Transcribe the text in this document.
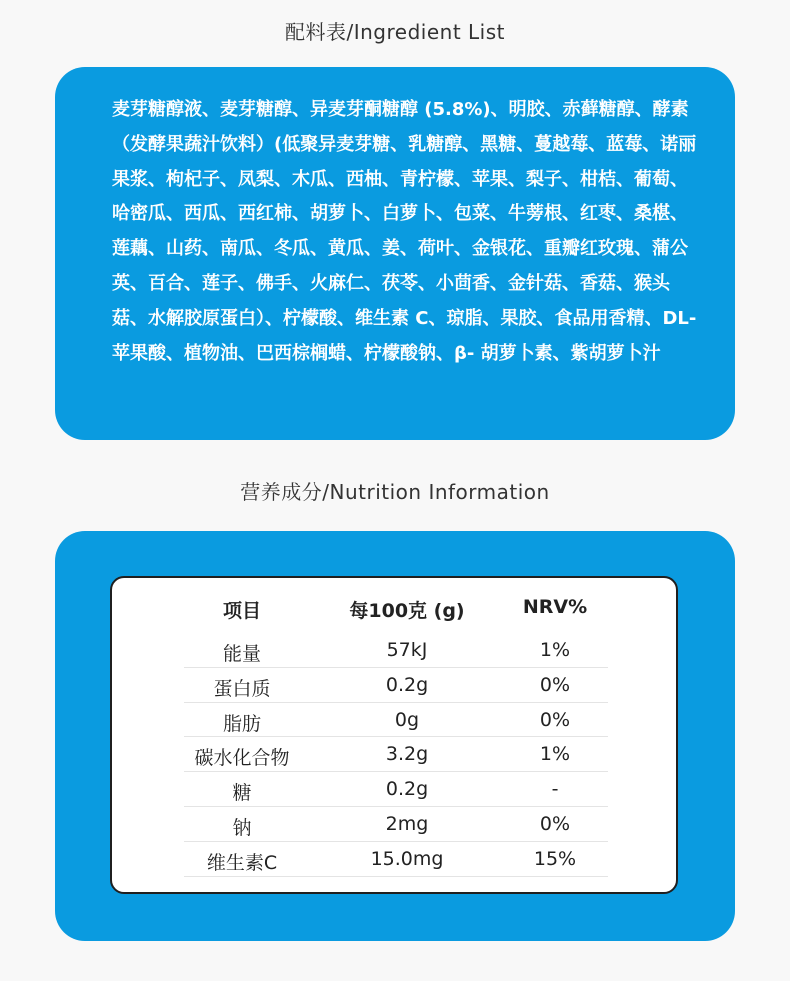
配料表/Ingredient List

麦芽糖醇液、麦芽糖醇、异麦芽酮糖醇 (5.8%)、明胶、赤藓糖醇、酵素（发酵果蔬汁饮料）(低聚异麦芽糖、乳糖醇、黑糖、蔓越莓、蓝莓、诺丽果浆、枸杞子、凤梨、木瓜、西柚、青柠檬、苹果、梨子、柑桔、葡萄、哈密瓜、西瓜、西红柿、胡萝卜、白萝卜、包菜、牛蒡根、红枣、桑椹、莲藕、山药、南瓜、冬瓜、黄瓜、姜、荷叶、金银花、重瓣红玫瑰、蒲公英、百合、莲子、佛手、火麻仁、茯苓、小茴香、金针菇、香菇、猴头菇、水解胶原蛋白）、柠檬酸、维生素 C、琼脂、果胶、食品用香精、DL- 苹果酸、植物油、巴西棕榈蜡、柠檬酸钠、β- 胡萝卜素、紫胡萝卜汁

营养成分/Nutrition Information
项目	每100克 (g)	NRV%
能量	57kJ	1%
蛋白质	0.2g	0%
脂肪	0g	0%
碳水化合物	3.2g	1%
糖	0.2g	-
钠	2mg	0%
维生素C	15.0mg	15%
